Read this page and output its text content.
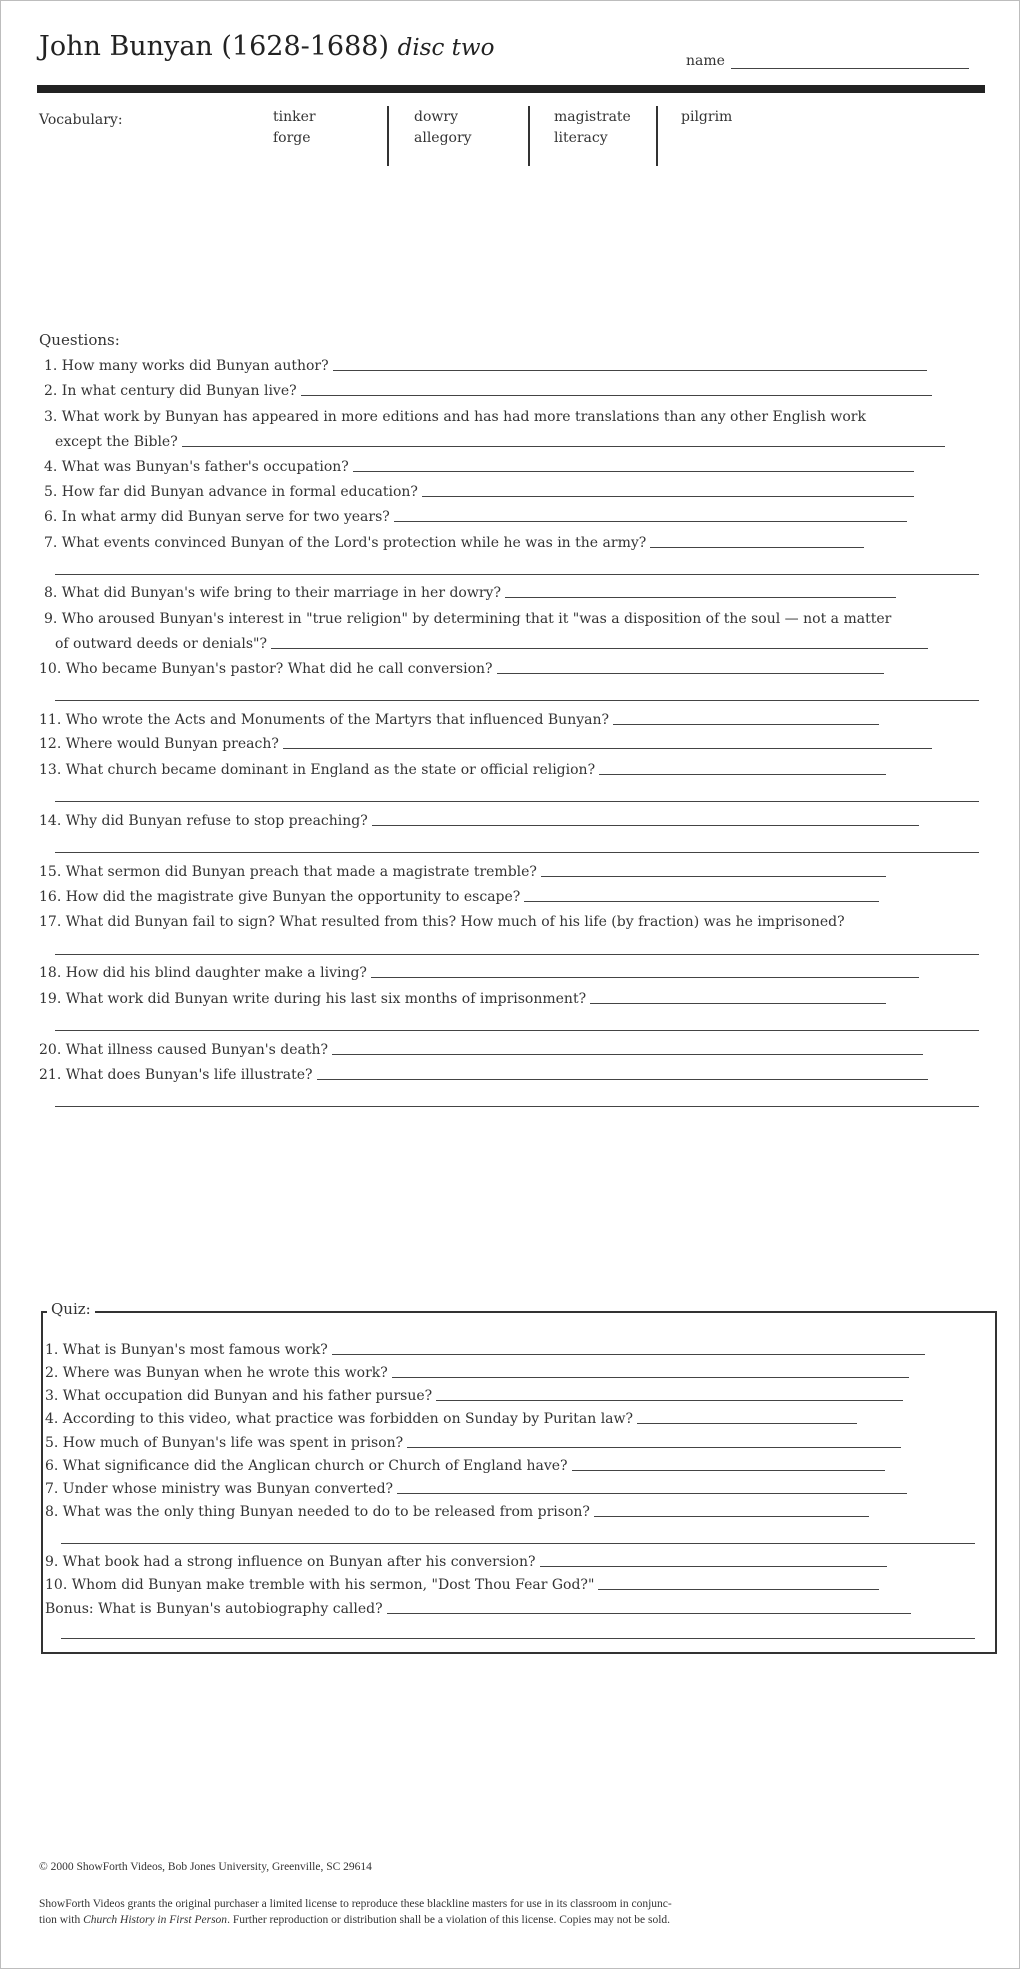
John Bunyan (1628-1688) disc two	name
Vocabulary:	tinker
forge
dowry
allegory
magistrate
literacy
pilgrim
Questions:
1. How many works did Bunyan author?
2. In what century did Bunyan live?
3. What work by Bunyan has appeared in more editions and has had more translations than any other English work
except the Bible?
4. What was Bunyan's father's occupation?
5. How far did Bunyan advance in formal education?
6. In what army did Bunyan serve for two years?
7. What events convinced Bunyan of the Lord's protection while he was in the army?
8. What did Bunyan's wife bring to their marriage in her dowry?
9. Who aroused Bunyan's interest in "true religion" by determining that it "was a disposition of the soul — not a matter
of outward deeds or denials"?
10. Who became Bunyan's pastor? What did he call conversion?
11. Who wrote the Acts and Monuments of the Martyrs that influenced Bunyan?
12. Where would Bunyan preach?
13. What church became dominant in England as the state or official religion?
14. Why did Bunyan refuse to stop preaching?
15. What sermon did Bunyan preach that made a magistrate tremble?
16. How did the magistrate give Bunyan the opportunity to escape?
17. What did Bunyan fail to sign? What resulted from this? How much of his life (by fraction) was he imprisoned?
18. How did his blind daughter make a living?
19. What work did Bunyan write during his last six months of imprisonment?
20. What illness caused Bunyan's death?
21. What does Bunyan's life illustrate?
Quiz:
1. What is Bunyan's most famous work?
2. Where was Bunyan when he wrote this work?
3. What occupation did Bunyan and his father pursue?
4. According to this video, what practice was forbidden on Sunday by Puritan law?
5. How much of Bunyan's life was spent in prison?
6. What significance did the Anglican church or Church of England have?
7. Under whose ministry was Bunyan converted?
8. What was the only thing Bunyan needed to do to be released from prison?
9. What book had a strong influence on Bunyan after his conversion?
10. Whom did Bunyan make tremble with his sermon, "Dost Thou Fear God?"
Bonus: What is Bunyan's autobiography called?
© 2000 ShowForth Videos, Bob Jones University, Greenville, SC 29614
ShowForth Videos grants the original purchaser a limited license to reproduce these blackline masters for use in its classroom in conjunc-
tion with Church History in First Person. Further reproduction or distribution shall be a violation of this license. Copies may not be sold.
